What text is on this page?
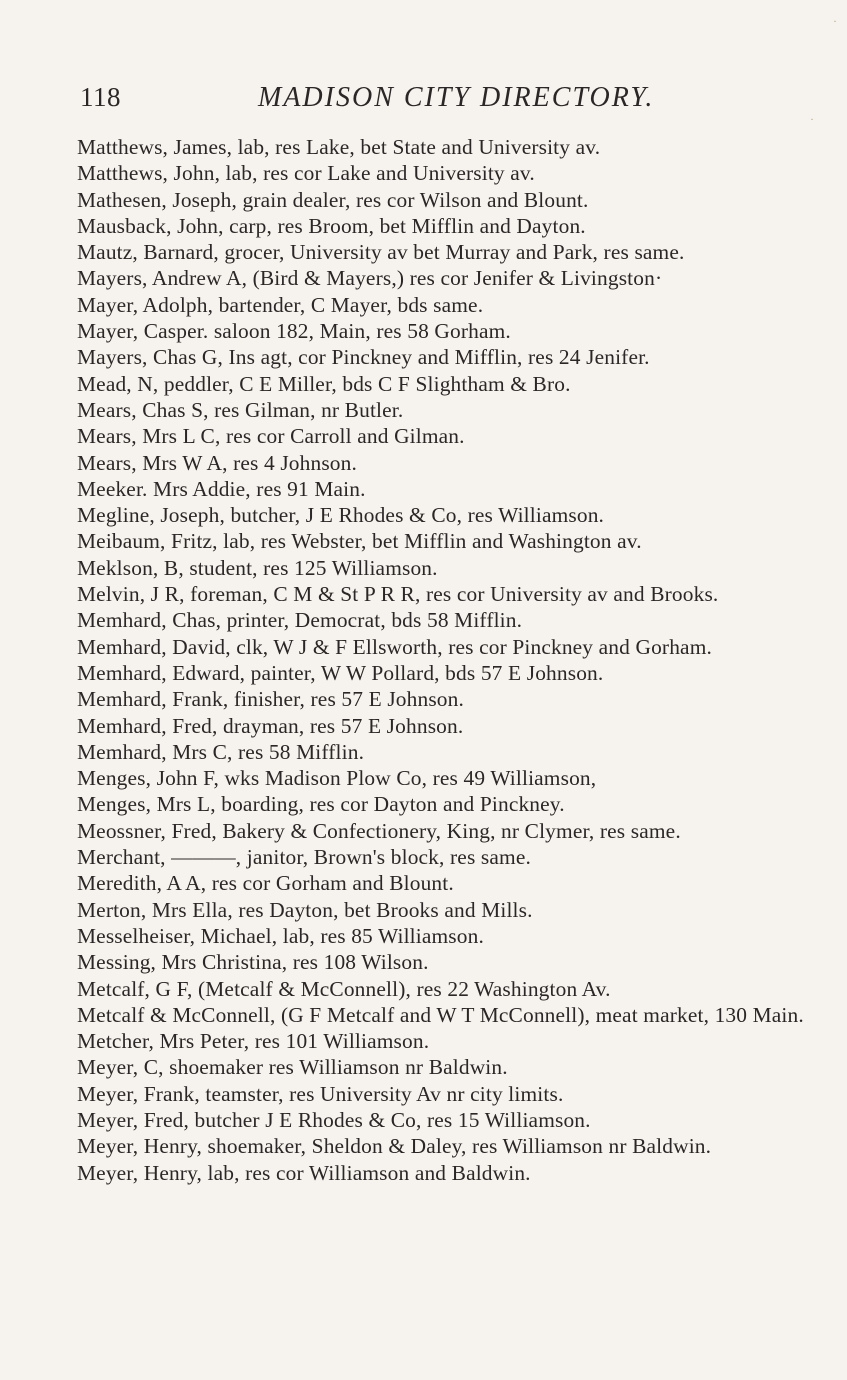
·
·
118	MADISON CITY DIRECTORY.
Matthews, James, lab, res Lake, bet State and University av.
Matthews, John, lab, res cor Lake and University av.
Mathesen, Joseph, grain dealer, res cor Wilson and Blount.
Mausback, John, carp, res Broom, bet Mifflin and Dayton.
Mautz, Barnard, grocer, University av bet Murray and Park, res same.
Mayers, Andrew A, (Bird & Mayers,) res cor Jenifer & Livingston·
Mayer, Adolph, bartender, C Mayer, bds same.
Mayer, Casper. saloon 182, Main, res 58 Gorham.
Mayers, Chas G, Ins agt, cor Pinckney and Mifflin, res 24 Jenifer.
Mead, N, peddler, C E Miller, bds C F Slightham & Bro.
Mears, Chas S, res Gilman, nr Butler.
Mears, Mrs L C, res cor Carroll and Gilman.
Mears, Mrs W A, res 4 Johnson.
Meeker. Mrs Addie, res 91 Main.
Megline, Joseph, butcher, J E Rhodes & Co, res Williamson.
Meibaum, Fritz, lab, res Webster, bet Mifflin and Washington av.
Meklson, B, student, res 125 Williamson.
Melvin, J R, foreman, C M & St P R R, res cor University av and Brooks.
Memhard, Chas, printer, Democrat, bds 58 Mifflin.
Memhard, David, clk, W J & F Ellsworth, res cor Pinckney and Gorham.
Memhard, Edward, painter, W W Pollard, bds 57 E Johnson.
Memhard, Frank, finisher, res 57 E Johnson.
Memhard, Fred, drayman, res 57 E Johnson.
Memhard, Mrs C, res 58 Mifflin.
Menges, John F, wks Madison Plow Co, res 49 Williamson,
Menges, Mrs L, boarding, res cor Dayton and Pinckney.
Meossner, Fred, Bakery & Confectionery, King, nr Clymer, res same.
Merchant, ———, janitor, Brown's block, res same.
Meredith, A A, res cor Gorham and Blount.
Merton, Mrs Ella, res Dayton, bet Brooks and Mills.
Messelheiser, Michael, lab, res 85 Williamson.
Messing, Mrs Christina, res 108 Wilson.
Metcalf, G F, (Metcalf & McConnell), res 22 Washington Av.
Metcalf & McConnell, (G F Metcalf and W T McConnell), meat market, 130 Main.
Metcher, Mrs Peter, res 101 Williamson.
Meyer, C, shoemaker res Williamson nr Baldwin.
Meyer, Frank, teamster, res University Av nr city limits.
Meyer, Fred, butcher J E Rhodes & Co, res 15 Williamson.
Meyer, Henry, shoemaker, Sheldon & Daley, res Williamson nr Baldwin.
Meyer, Henry, lab, res cor Williamson and Baldwin.
